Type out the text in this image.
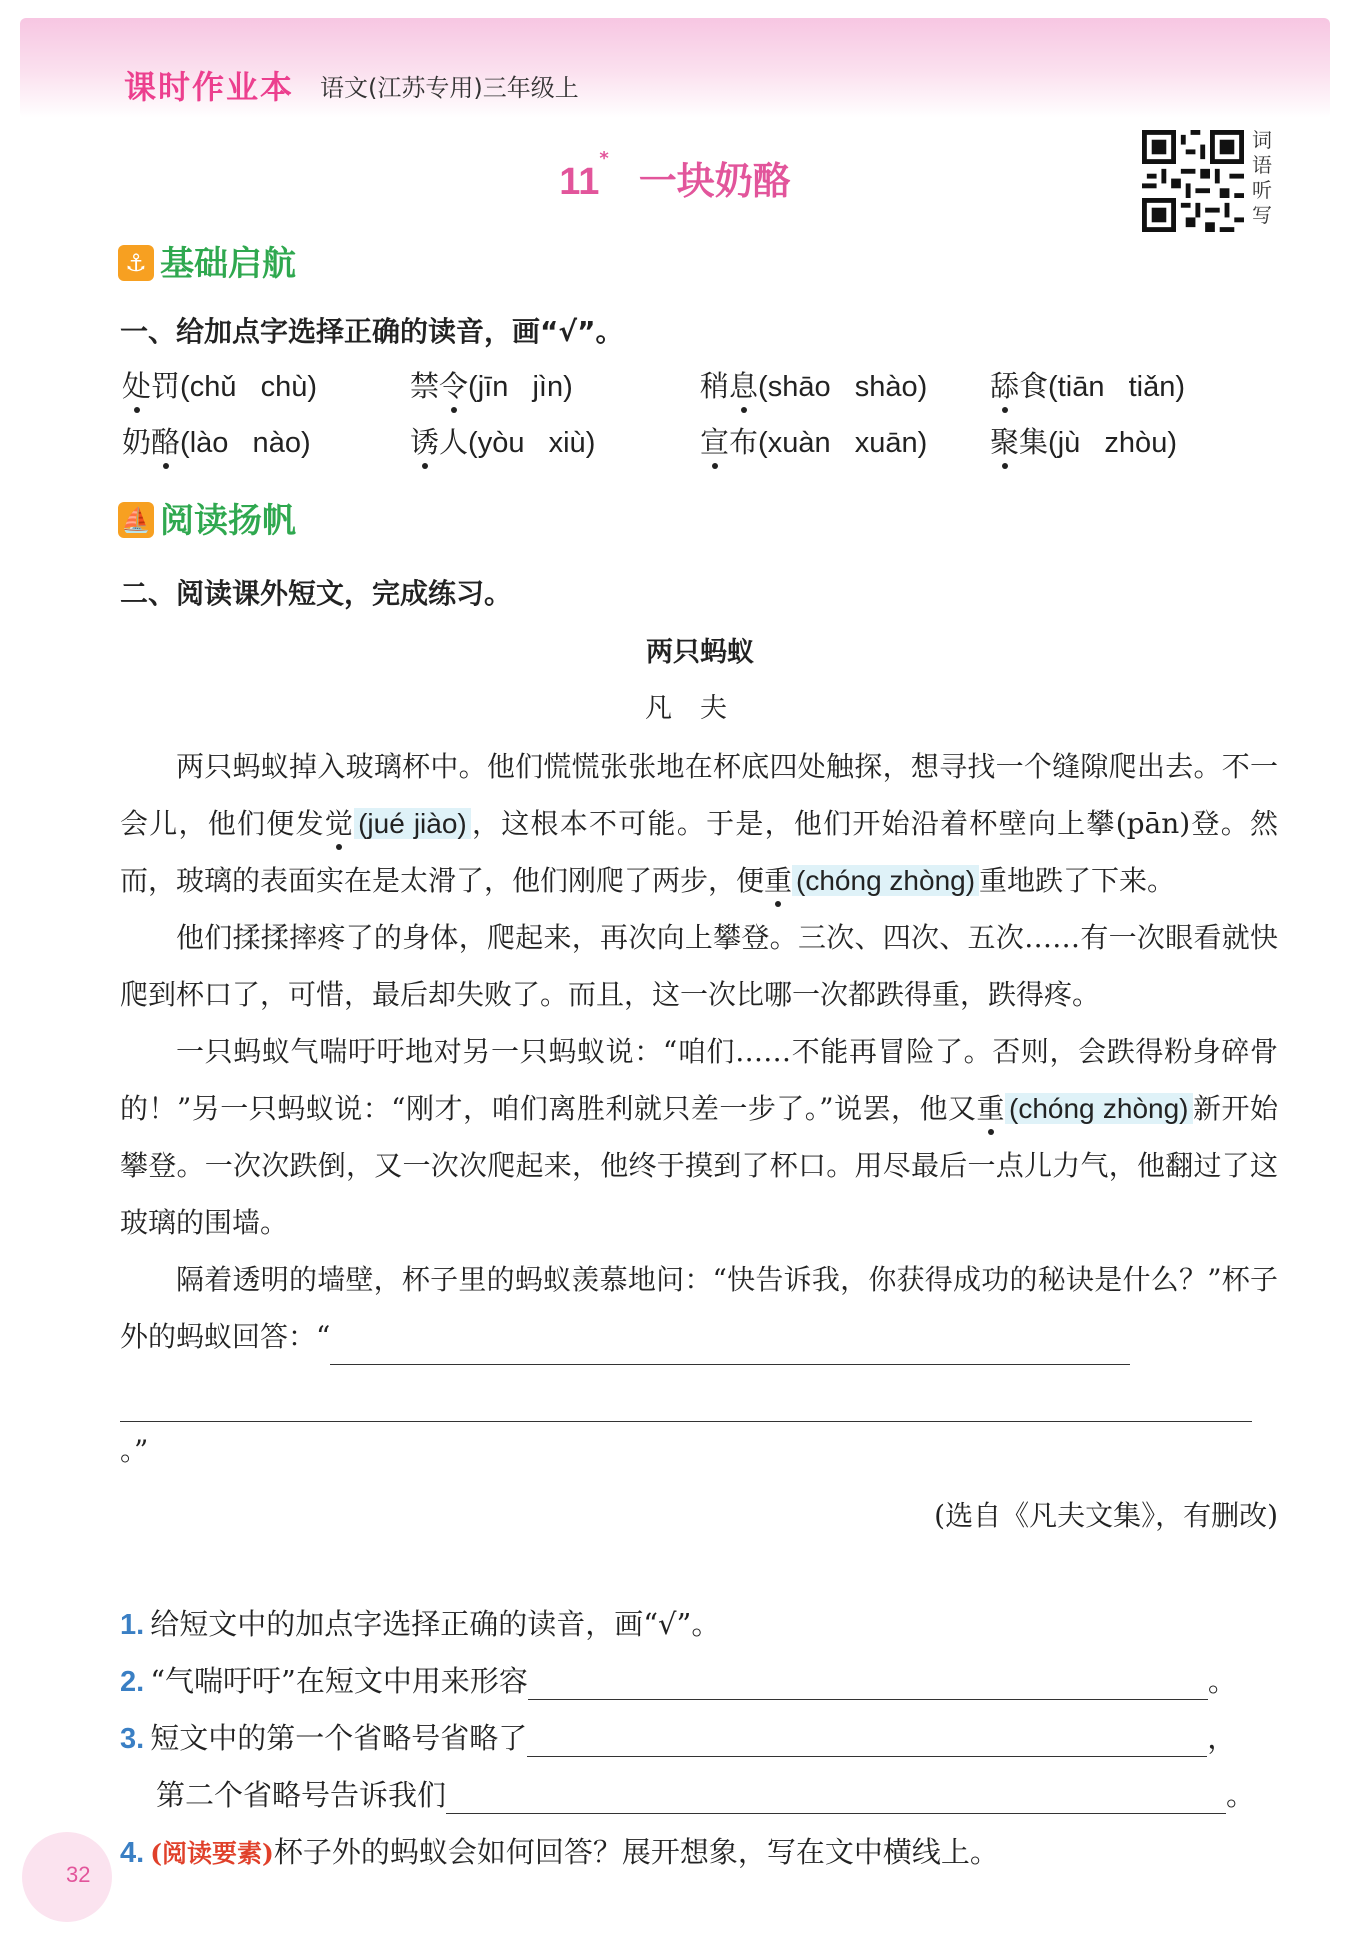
课时作业本 语文(江苏专用)三年级上
11*一块奶酪
词语听写
⚓ 基础启航
一、给加点字选择正确的读音，画“√”。
处罚(chǔ   chù)	禁令(jīn   jìn)	稍息(shāo   shào) 舔食(tiān   tiǎn)
奶酪(lào   nào)	诱人(yòu   xiù)	宣布(xuàn   xuān) 聚集(jù   zhòu)
⛵ 阅读扬帆
二、阅读课外短文，完成练习。
两只蚂蚁
凡夫

两只蚂蚁掉入玻璃杯中。他们慌慌张张地在杯底四处触探，想寻找一个缝隙爬出去。不一会儿，他们便发觉 (jué jiào) ，这根本不可能。于是，他们开始沿着杯壁向上攀(pān)登。然而，玻璃的表面实在是太滑了，他们刚爬了两步，便重 (chóng zhòng) 重地跌了下来。

他们揉揉摔疼了的身体，爬起来，再次向上攀登。三次、四次、五次……有一次眼看就快爬到杯口了，可惜，最后却失败了。而且，这一次比哪一次都跌得重，跌得疼。

一只蚂蚁气喘吁吁地对另一只蚂蚁说：“咱们……不能再冒险了。否则，会跌得粉身碎骨的！”另一只蚂蚁说：“刚才，咱们离胜利就只差一步了。”说罢，他又重 (chóng zhòng) 新开始攀登。一次次跌倒，又一次次爬起来，他终于摸到了杯口。用尽最后一点儿力气，他翻过了这玻璃的围墙。

隔着透明的墙壁，杯子里的蚂蚁羡慕地问：“快告诉我，你获得成功的秘诀是什么？”杯子外的蚂蚁回答：“

。”

(选自《凡夫文集》，有删改)
1. 给短文中的加点字选择正确的读音，画“√”。
2. “气喘吁吁”在短文中用来形容	。
3. 短文中的第一个省略号省略了	，
第二个省略号告诉我们	。
4. (阅读要素)杯子外的蚂蚁会如何回答？展开想象，写在文中横线上。
32
